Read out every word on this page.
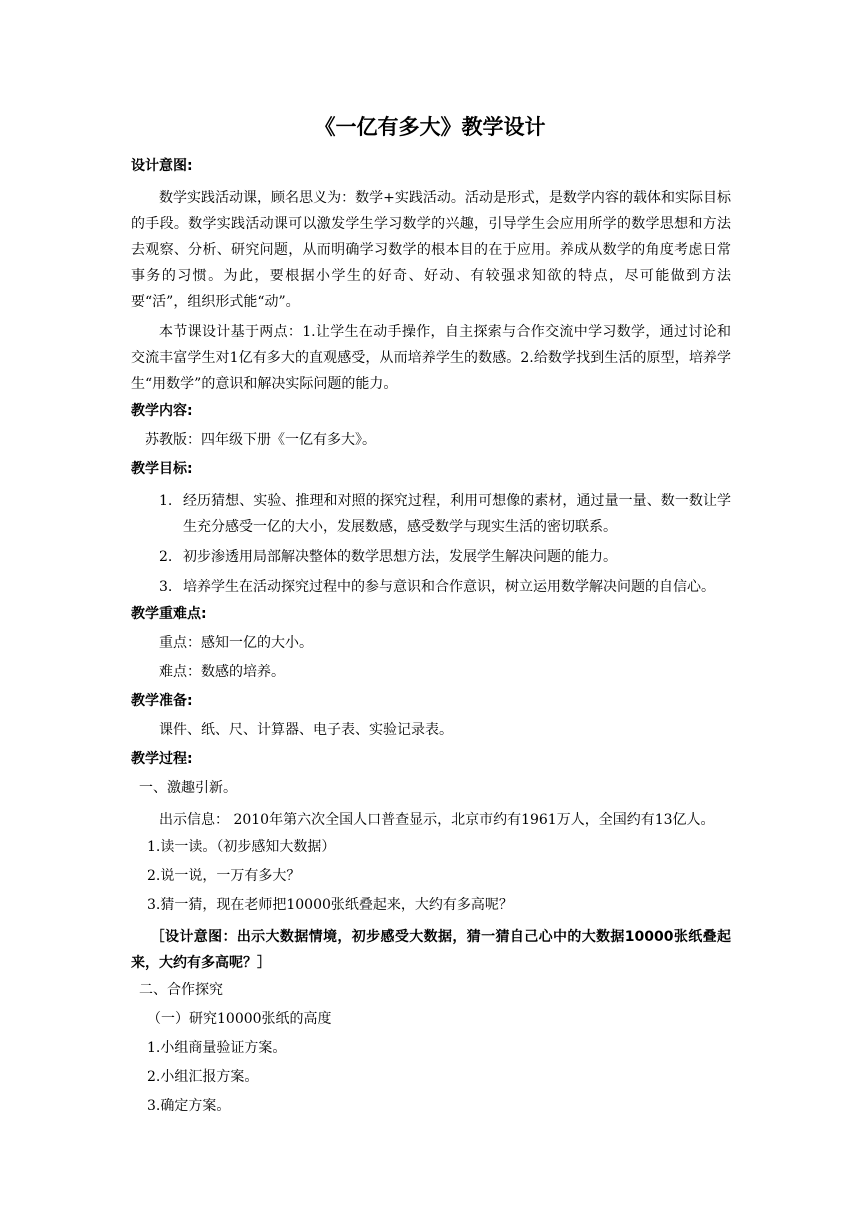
《一亿有多大》教学设计

设计意图:

数学实践活动课，顾名思义为：数学+实践活动。活动是形式，是数学内容的载体和实际目标的手段。数学实践活动课可以激发学生学习数学的兴趣，引导学生会应用所学的数学思想和方法去观察、分析、研究问题，从而明确学习数学的根本目的在于应用。养成从数学的角度考虑日常事务的习惯。为此，要根据小学生的好奇、好动、有较强求知欲的特点，尽可能做到方法要“活”，组织形式能“动”。

本节课设计基于两点：1.让学生在动手操作，自主探索与合作交流中学习数学，通过讨论和交流丰富学生对1亿有多大的直观感受，从而培养学生的数感。2.给数学找到生活的原型，培养学生“用数学”的意识和解决实际问题的能力。

教学内容:

苏教版：四年级下册《一亿有多大》。

教学目标:

1. 经历猜想、实验、推理和对照的探究过程，利用可想像的素材，通过量一量、数一数让学生充分感受一亿的大小，发展数感，感受数学与现实生活的密切联系。
2. 初步渗透用局部解决整体的数学思想方法，发展学生解决问题的能力。
3. 培养学生在活动探究过程中的参与意识和合作意识，树立运用数学解决问题的自信心。

教学重难点:

重点：感知一亿的大小。

难点：数感的培养。

教学准备:

课件、纸、尺、计算器、电子表、实验记录表。

教学过程:

一、激趣引新。

出示信息： 2010年第六次全国人口普查显示，北京市约有1961万人，全国约有13亿人。

1.读一读。（初步感知大数据）

2.说一说，一万有多大？

3.猜一猜，现在老师把10000张纸叠起来，大约有多高呢？

［设计意图：出示大数据情境，初步感受大数据，猜一猜自己心中的大数据10000张纸叠起来，大约有多高呢？］

二、合作探究

（一）研究10000张纸的高度

1.小组商量验证方案。

2.小组汇报方案。

3.确定方案。
